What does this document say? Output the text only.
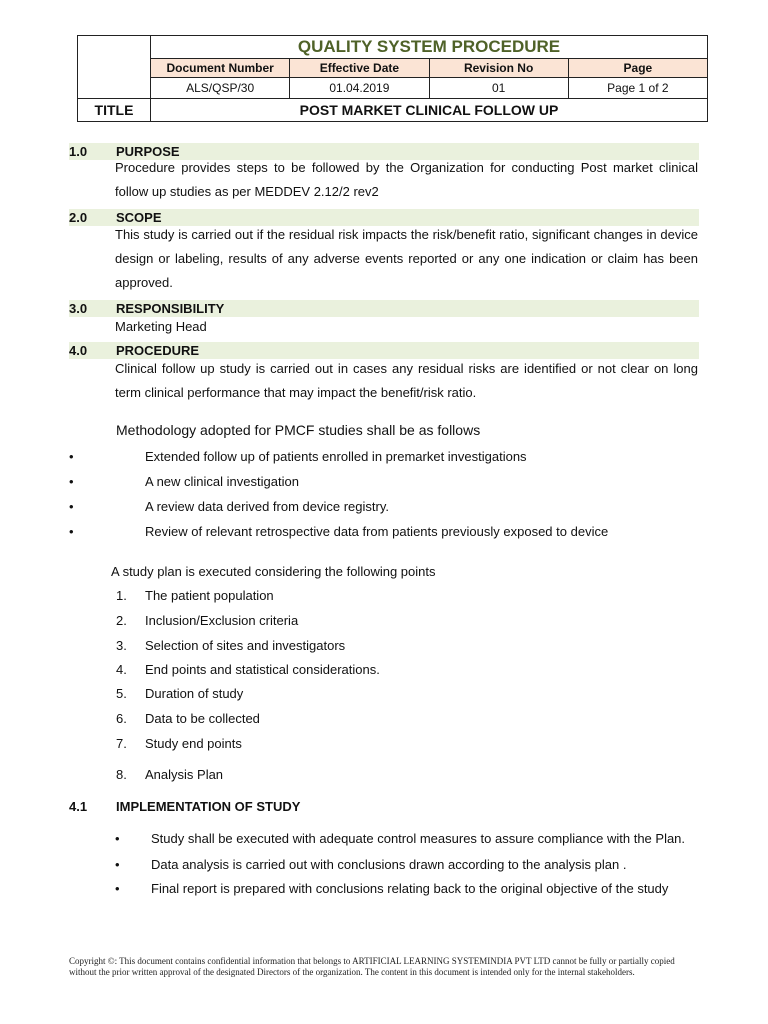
	QUALITY SYSTEM PROCEDURE			
	Document Number	Effective Date	Revision No	Page
	ALS/QSP/30	01.04.2019	01	Page 1 of 2
TITLE	POST MARKET CLINICAL FOLLOW UP			
1.0 PURPOSE
Procedure provides steps to be followed by the Organization for conducting Post market clinical follow up studies as per MEDDEV 2.12/2 rev2
2.0 SCOPE
This study is carried out if the residual risk impacts the risk/benefit ratio, significant changes in device design or labeling, results of any adverse events reported or any one indication or claim has been approved.
3.0 RESPONSIBILITY
Marketing Head
4.0 PROCEDURE
Clinical follow up study is carried out in cases any residual risks are identified or not clear on long term clinical performance that may impact the benefit/risk ratio.
Methodology adopted for PMCF studies shall be as follows
•	Extended follow up of patients enrolled in premarket investigations
•	A new clinical investigation
•	A review data derived from device registry.
•	Review of relevant retrospective data from patients previously exposed to device
A study plan is executed considering the following points
1. The patient population
2. Inclusion/Exclusion criteria
3. Selection of sites and investigators
4. End points and statistical considerations.
5. Duration of study
6. Data to be collected
7. Study end points
8. Analysis Plan
4.1 IMPLEMENTATION OF STUDY
• Study shall be executed with adequate control measures to assure compliance with the Plan.
• Data analysis is carried out with conclusions drawn according to the analysis plan .
• Final report is prepared with conclusions relating back to the original objective of the study
Copyright ©: This document contains confidential information that belongs to ARTIFICIAL LEARNING SYSTEMINDIA PVT LTD cannot be fully or partially copied without the prior written approval of the designated Directors of the organization. The content in this document is intended only for the internal stakeholders.
